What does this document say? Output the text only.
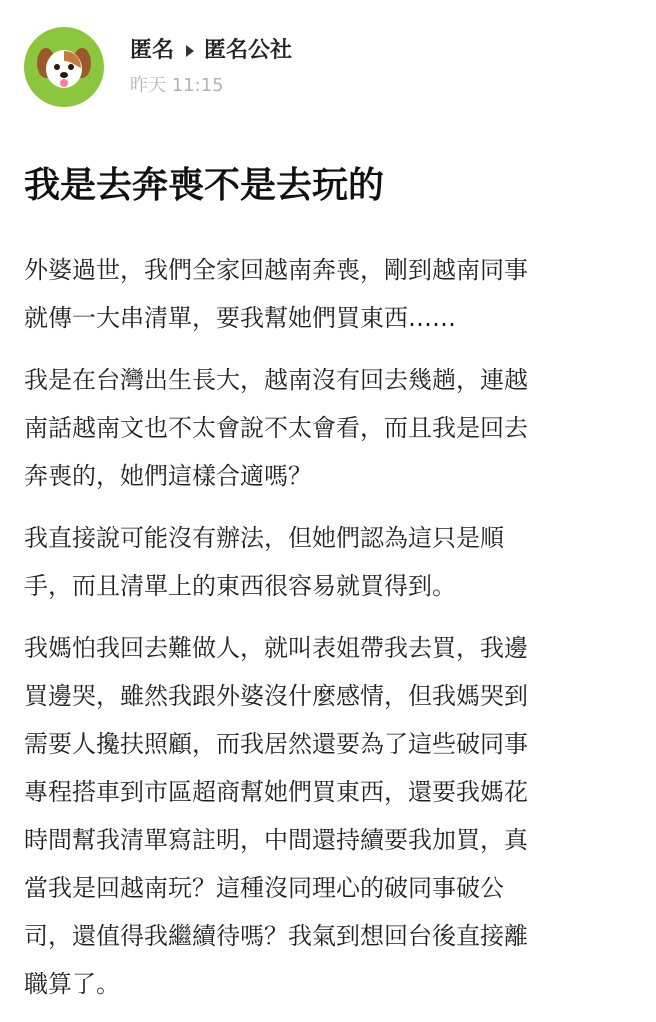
匿名 匿名公社
昨天 11:15
我是去奔喪不是去玩的

外婆過世，我們全家回越南奔喪，剛到越南同事
就傳一大串清單，要我幫她們買東西……

我是在台灣出生長大，越南沒有回去幾趟，連越
南話越南文也不太會說不太會看，而且我是回去
奔喪的，她們這樣合適嗎？

我直接說可能沒有辦法，但她們認為這只是順
手，而且清單上的東西很容易就買得到。

我媽怕我回去難做人，就叫表姐帶我去買，我邊
買邊哭，雖然我跟外婆沒什麼感情，但我媽哭到
需要人攙扶照顧，而我居然還要為了這些破同事
專程搭車到市區超商幫她們買東西，還要我媽花
時間幫我清單寫註明，中間還持續要我加買，真
當我是回越南玩？這種沒同理心的破同事破公
司，還值得我繼續待嗎？我氣到想回台後直接離
職算了。
